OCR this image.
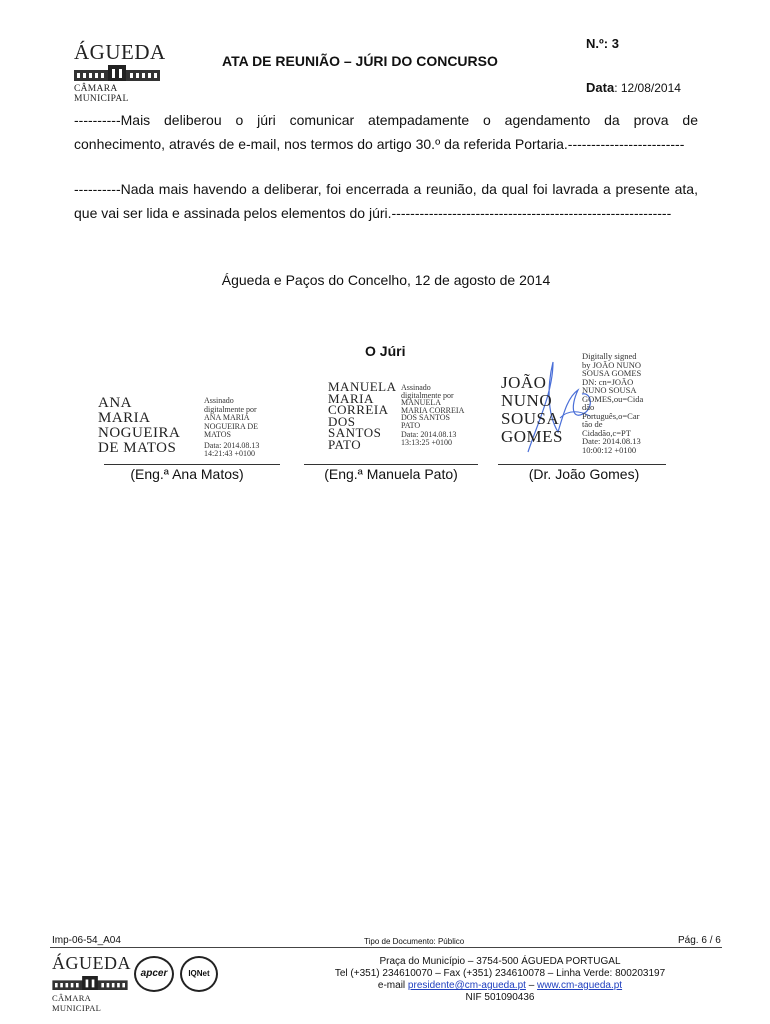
ÁGUEDA
CÂMARA MUNICIPAL
ATA DE REUNIÃO – JÚRI DO CONCURSO
N.º: 3
Data: 12/08/2014
----------Mais deliberou o júri comunicar atempadamente o agendamento da prova de
conhecimento, através de e-mail, nos termos do artigo 30.º da referida Portaria.-------------------------
----------Nada mais havendo a deliberar, foi encerrada a reunião, da qual foi lavrada a presente ata,
que vai ser lida e assinada pelos elementos do júri.------------------------------------------------------------
Águeda e Paços do Concelho, 12 de agosto de 2014
O Júri
ANA
MARIA
NOGUEIRA
DE MATOS
Assinado
digitalmente por
ANA MARIA
NOGUEIRA DE
MATOS
Data: 2014.08.13
14:21:43 +0100
(Eng.ª Ana Matos)
MANUELA
MARIA
CORREIA
DOS
SANTOS
PATO
Assinado
digitalmente por
MANUELA
MARIA CORREIA
DOS SANTOS
PATO
Data: 2014.08.13
13:13:25 +0100
(Eng.ª Manuela Pato)
JOÃO
NUNO
SOUSA
GOMES
Digitally signed
by JOÃO NUNO
SOUSA GOMES
DN: cn=JOÃO
NUNO SOUSA
GOMES,ou=Cida
dão
Português,o=Car
tão de
Cidadão,c=PT
Date: 2014.08.13
10:00:12 +0100
(Dr. João Gomes)
Imp-06-54_A04	Tipo de Documento: Público	Pág. 6 / 6
ÁGUEDA
CÂMARA MUNICIPAL
apcer	IQNet
Praça do Município – 3754-500 ÁGUEDA PORTUGAL
Tel (+351) 234610070 – Fax (+351) 234610078 – Linha Verde: 800203197
e-mail presidente@cm-agueda.pt – www.cm-agueda.pt
NIF 501090436
